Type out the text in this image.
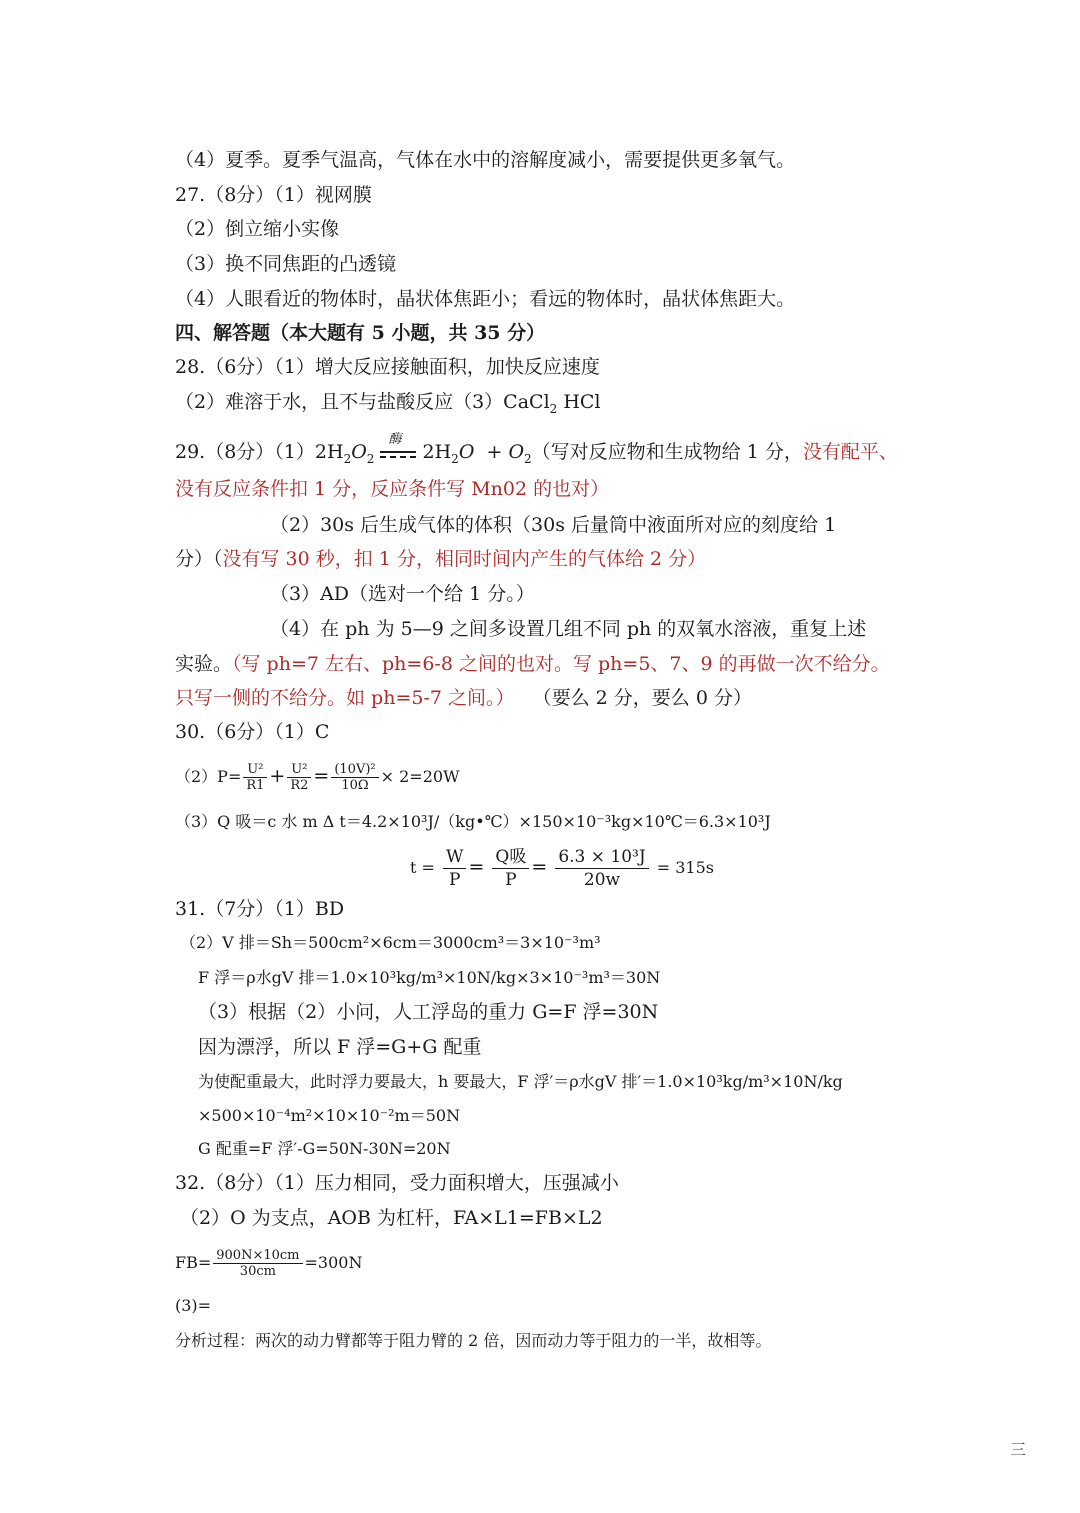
（4）夏季。夏季气温高，气体在水中的溶解度减小，需要提供更多氧气。
27.（8分）（1）视网膜
（2）倒立缩小实像
（3）换不同焦距的凸透镜
（4）人眼看近的物体时，晶状体焦距小；看远的物体时，晶状体焦距大。
四、解答题（本大题有 5 小题，共 35 分）
28.（6分）（1）增大反应接触面积，加快反应速度
（2）难溶于水，且不与盐酸反应（3）CaCl$_2$ HCl
29.（8分）$(1)2H_2O_2$
酶
$2H_2O + O_2$（写对反应物和生成物给 1 分，没有配平、
没有反应条件扣 1 分，反应条件写 Mn02 的也对）
（2）30s 后生成气体的体积（30s 后量筒中液面所对应的刻度给 1
分）（没有写 30 秒，扣 1 分，相同时间内产生的气体给 2 分）
（3）AD（选对一个给 1 分。）
（4）在 ph 为 5—9 之间多设置几组不同 ph 的双氧水溶液，重复上述
实验。（写 ph=7 左右、ph=6-8 之间的也对。写 ph=5、7、9 的再做一次不给分。
只写一侧的不给分。如 ph=5-7 之间。） （要么 2 分，要么 0 分）
30.（6分）（1）C
$(2)P= \frac{\text{U²}}{R1} + \frac{\text{U²}}{R2} = \frac{\text{(10V)²}}{10\Omega} \times 2=20W$
（3）Q 吸＝c 水 m Δ t＝4.2×10³J/（kg•℃）×150×10⁻³kg×10℃＝6.3×10³J
$t = \frac{W}{P} = \frac{\text{Q吸}}{P} = \frac{\text{6.3 × 10³J}}{20w} = 315s$
31.（7分）（1）BD
（2）V 排＝Sh＝500cm²×6cm＝3000cm³＝3×10⁻³m³
F 浮＝ρ水gV 排＝1.0×10³kg/m³×10N/kg×3×10⁻³m³＝30N
（3）根据（2）小问，人工浮岛的重力 G=F 浮=30N
因为漂浮，所以 F 浮=G+G 配重
为使配重最大，此时浮力要最大，h 要最大，F 浮′＝ρ水gV 排′＝1.0×10³kg/m³×10N/kg
×500×10⁻⁴m²×10×10⁻²m＝50N
G 配重=F 浮′-G=50N-30N=20N
32.（8分）（1）压力相同，受力面积增大，压强减小
（2）O 为支点，AOB 为杠杆，FA×L1=FB×L2
$FB= \frac{900N\times 10cm}{30cm} =300N$
(3)=
分析过程：两次的动力臂都等于阻力臂的 2 倍，因而动力等于阻力的一半，故相等。
三
